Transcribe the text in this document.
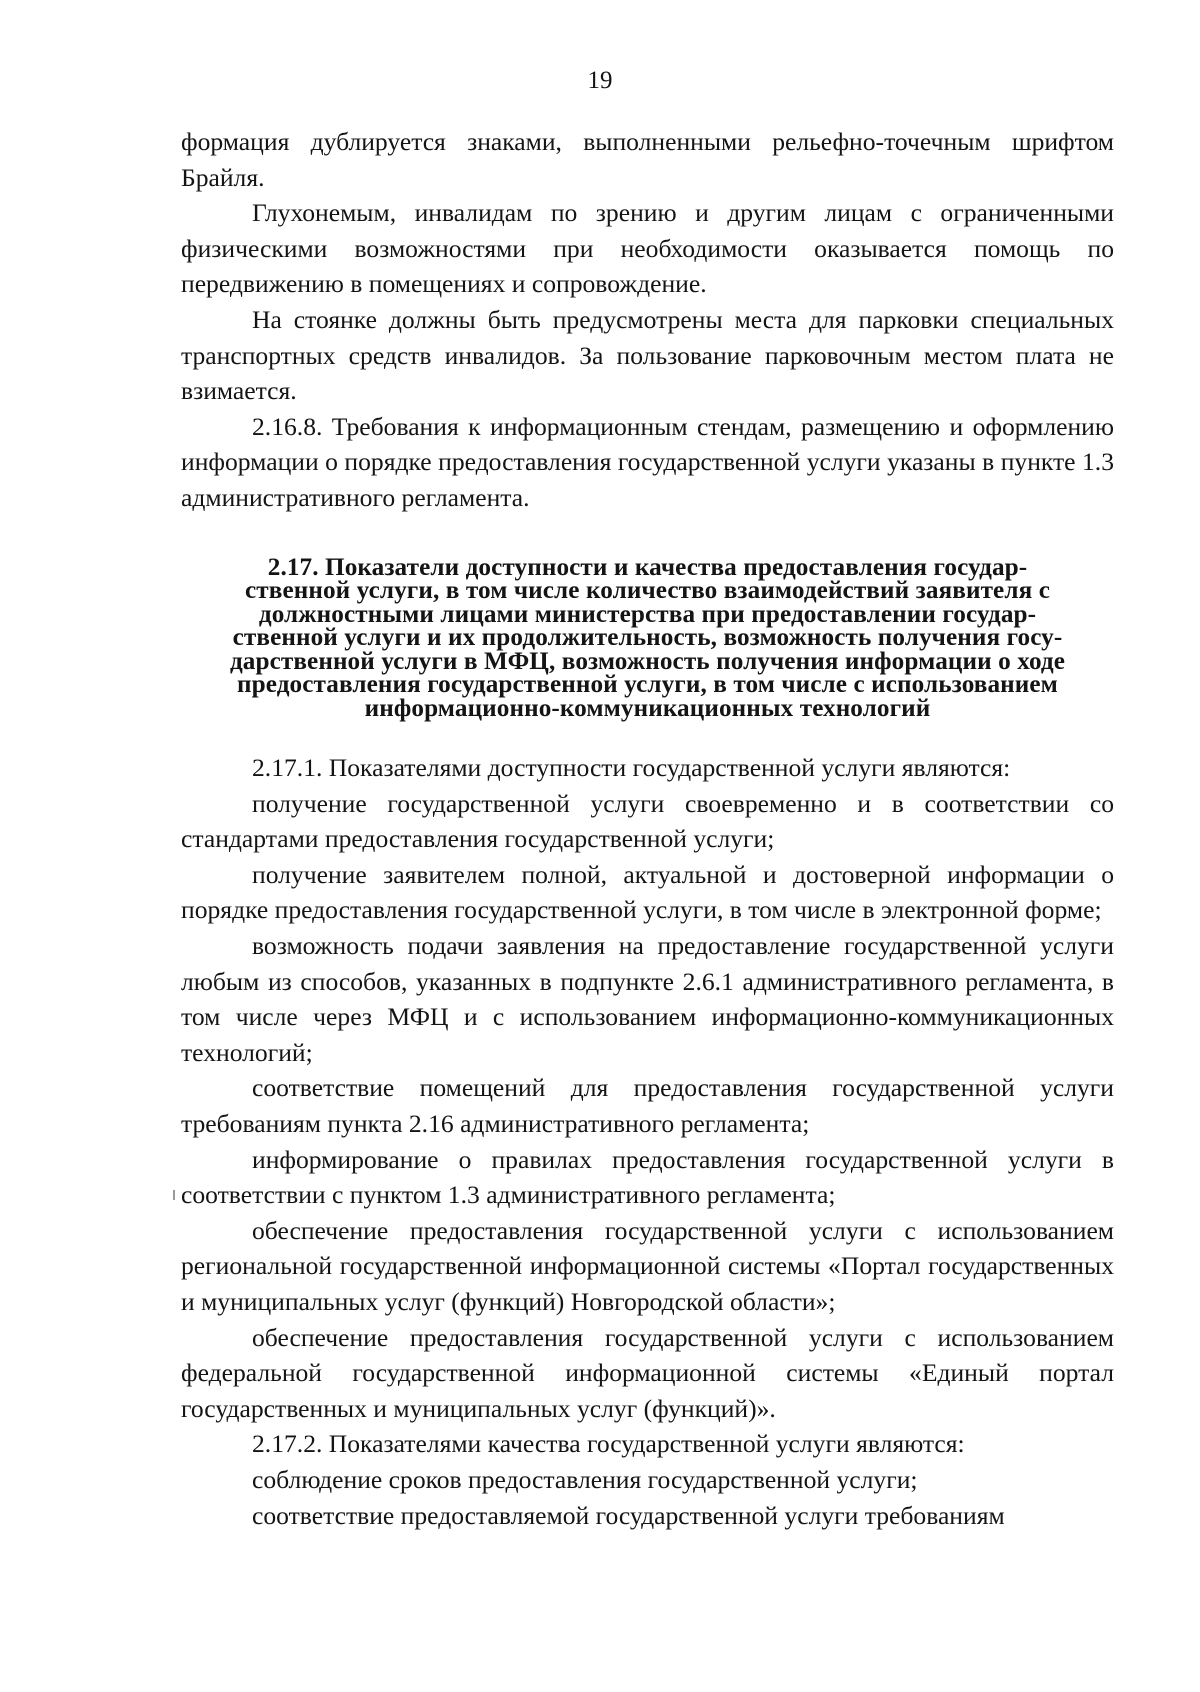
19

формация дублируется знаками, выполненными рельефно-точечным шрифтом Брайля.

Глухонемым, инвалидам по зрению и другим лицам с ограниченными физическими возможностями при необходимости оказывается помощь по передвижению в помещениях и сопровождение.

На стоянке должны быть предусмотрены места для парковки специальных транспортных средств инвалидов. За пользование парковочным местом плата не взимается.

2.16.8. Требования к информационным стендам, размещению и оформлению информации о порядке предоставления государственной услуги указаны в пункте 1.3 административного регламента.

2.17. Показатели доступности и качества предоставления государ-
ственной услуги, в том числе количество взаимодействий заявителя с
должностными лицами министерства при предоставлении государ-
ственной услуги и их продолжительность, возможность получения госу-
дарственной услуги в МФЦ, возможность получения информации о ходе
предоставления государственной услуги, в том числе с использованием
информационно-коммуникационных технологий

2.17.1. Показателями доступности государственной услуги являются:

получение государственной услуги своевременно и в соответствии со стандартами предоставления государственной услуги;

получение заявителем полной, актуальной и достоверной информации о порядке предоставления государственной услуги, в том числе в электронной форме;

возможность подачи заявления на предоставление государственной услуги любым из способов, указанных в подпункте 2.6.1 административного регламента, в том числе через МФЦ и с использованием информационно-коммуникационных технологий;

соответствие помещений для предоставления государственной услуги требованиям пункта 2.16 административного регламента;

информирование о правилах предоставления государственной услуги в соответствии с пунктом 1.3 административного регламента;

обеспечение предоставления государственной услуги с использованием региональной государственной информационной системы «Портал государственных и муниципальных услуг (функций) Новгородской области»;

обеспечение предоставления государственной услуги с использованием федеральной государственной информационной системы «Единый портал государственных и муниципальных услуг (функций)».

2.17.2. Показателями качества государственной услуги являются:

соблюдение сроков предоставления государственной услуги;

соответствие предоставляемой государственной услуги требованиям
